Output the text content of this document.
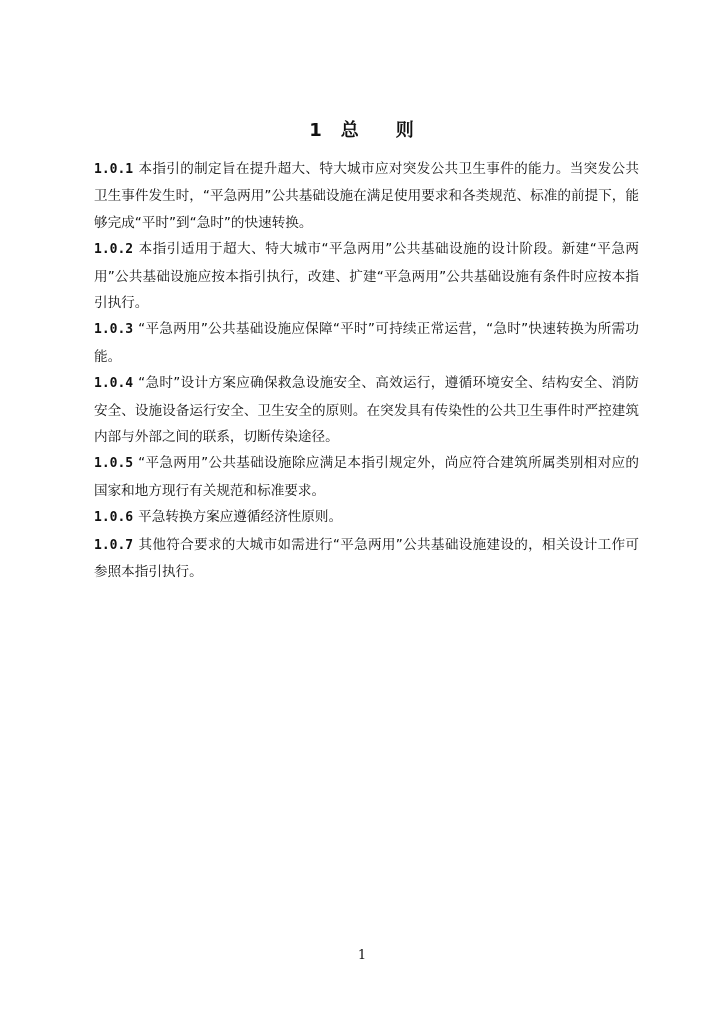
1 总 则
1.0.1 本指引的制定旨在提升超大、特大城市应对突发公共卫生事件的能力。当突发公共卫生事件发生时，“平急两用”公共基础设施在满足使用要求和各类规范、标准的前提下，能够完成“平时”到“急时”的快速转换。
1.0.2 本指引适用于超大、特大城市“平急两用”公共基础设施的设计阶段。新建“平急两用”公共基础设施应按本指引执行，改建、扩建“平急两用”公共基础设施有条件时应按本指引执行。
1.0.3 “平急两用”公共基础设施应保障“平时”可持续正常运营，“急时”快速转换为所需功能。
1.0.4 “急时”设计方案应确保救急设施安全、高效运行，遵循环境安全、结构安全、消防安全、设施设备运行安全、卫生安全的原则。在突发具有传染性的公共卫生事件时严控建筑内部与外部之间的联系，切断传染途径。
1.0.5 “平急两用”公共基础设施除应满足本指引规定外，尚应符合建筑所属类别相对应的国家和地方现行有关规范和标准要求。
1.0.6 平急转换方案应遵循经济性原则。
1.0.7 其他符合要求的大城市如需进行“平急两用”公共基础设施建设的，相关设计工作可参照本指引执行。
1
